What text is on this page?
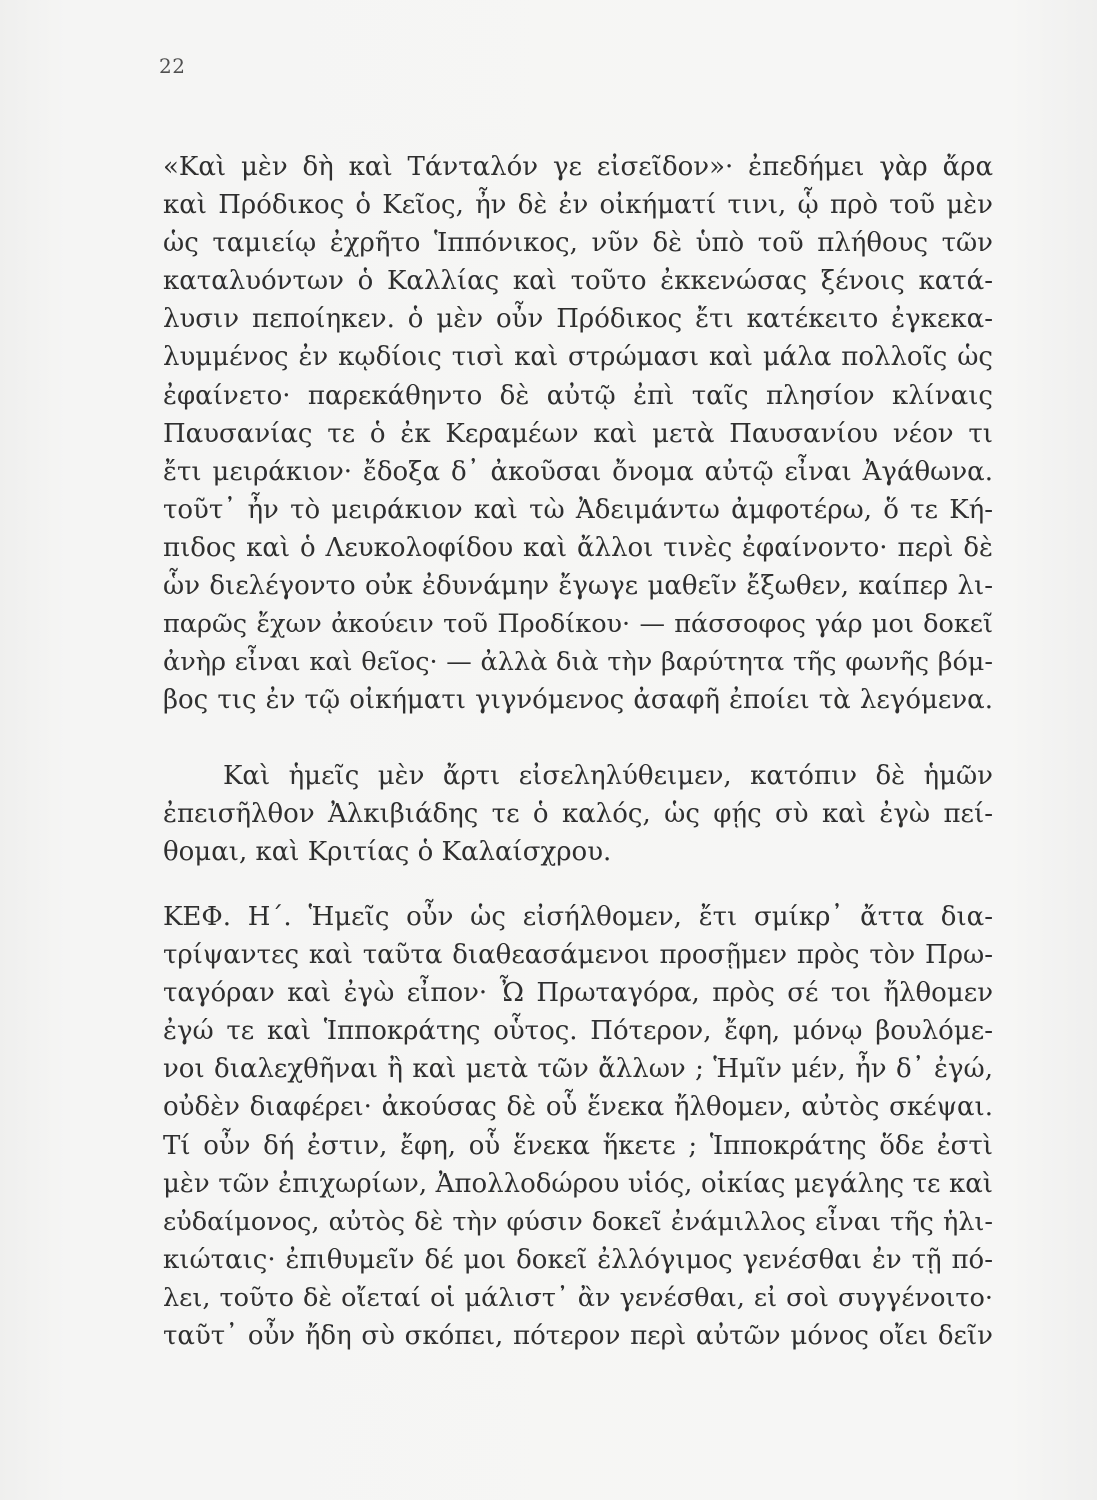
22
«Καὶ μὲν δὴ καὶ Τάνταλόν γε εἰσεῖδον»· ἐπεδήμει γὰρ ἄρα
καὶ Πρόδικος ὁ Κεῖος, ἦν δὲ ἐν οἰκήματί τινι, ᾧ πρὸ τοῦ μὲν
ὡς ταμιείῳ ἐχρῆτο Ἱππόνικος, νῦν δὲ ὑπὸ τοῦ πλήθους τῶν
καταλυόντων ὁ Καλλίας καὶ τοῦτο ἐκκενώσας ξένοις κατά-
λυσιν πεποίηκεν. ὁ μὲν οὖν Πρόδικος ἔτι κατέκειτο ἐγκεκα-
λυμμένος ἐν κῳδίοις τισὶ καὶ στρώμασι καὶ μάλα πολλοῖς ὡς
ἐφαίνετο· παρεκάθηντο δὲ αὐτῷ ἐπὶ ταῖς πλησίον κλίναις
Παυσανίας τε ὁ ἐκ Κεραμέων καὶ μετὰ Παυσανίου νέον τι
ἔτι μειράκιον· ἔδοξα δ᾽ ἀκοῦσαι ὄνομα αὐτῷ εἶναι Ἀγάθωνα.
τοῦτ᾽ ἦν τὸ μειράκιον καὶ τὼ Ἀδειμάντω ἀμφοτέρω, ὅ τε Κή-
πιδος καὶ ὁ Λευκολοφίδου καὶ ἄλλοι τινὲς ἐφαίνοντο· περὶ δὲ
ὧν διελέγοντο οὐκ ἐδυνάμην ἔγωγε μαθεῖν ἔξωθεν, καίπερ λι-
παρῶς ἔχων ἀκούειν τοῦ Προδίκου· — πάσσοφος γάρ μοι δοκεῖ
ἀνὴρ εἶναι καὶ θεῖος· — ἀλλὰ διὰ τὴν βαρύτητα τῆς φωνῆς βόμ-
βος τις ἐν τῷ οἰκήματι γιγνόμενος ἀσαφῆ ἐποίει τὰ λεγόμενα.
Καὶ ἡμεῖς μὲν ἄρτι εἰσεληλύθειμεν, κατόπιν δὲ ἡμῶν
ἐπεισῆλθον Ἀλκιβιάδης τε ὁ καλός, ὡς φῄς σὺ καὶ ἐγὼ πεί-
θομαι, καὶ Κριτίας ὁ Καλαίσχρου.
ΚΕΦ. Η΄. Ἡμεῖς οὖν ὡς εἰσήλθομεν, ἔτι σμίκρ᾽ ἄττα δια-
τρίψαντες καὶ ταῦτα διαθεασάμενοι προσῇμεν πρὸς τὸν Πρω-
ταγόραν καὶ ἐγὼ εἶπον· Ὦ Πρωταγόρα, πρὸς σέ τοι ἤλθομεν
ἐγώ τε καὶ Ἱπποκράτης οὗτος. Πότερον, ἔφη, μόνῳ βουλόμε-
νοι διαλεχθῆναι ἢ καὶ μετὰ τῶν ἄλλων ; Ἡμῖν μέν, ἦν δ᾽ ἐγώ,
οὐδὲν διαφέρει· ἀκούσας δὲ οὗ ἕνεκα ἤλθομεν, αὐτὸς σκέψαι.
Τί οὖν δή ἐστιν, ἔφη, οὗ ἕνεκα ἥκετε ; Ἱπποκράτης ὅδε ἐστὶ
μὲν τῶν ἐπιχωρίων, Ἀπολλοδώρου υἱός, οἰκίας μεγάλης τε καὶ
εὐδαίμονος, αὐτὸς δὲ τὴν φύσιν δοκεῖ ἐνάμιλλος εἶναι τῆς ἡλι-
κιώταις· ἐπιθυμεῖν δέ μοι δοκεῖ ἐλλόγιμος γενέσθαι ἐν τῇ πό-
λει, τοῦτο δὲ οἴεταί οἱ μάλιστ᾽ ἂν γενέσθαι, εἰ σοὶ συγγένοιτο·
ταῦτ᾽ οὖν ἤδη σὺ σκόπει, πότερον περὶ αὐτῶν μόνος οἴει δεῖν
